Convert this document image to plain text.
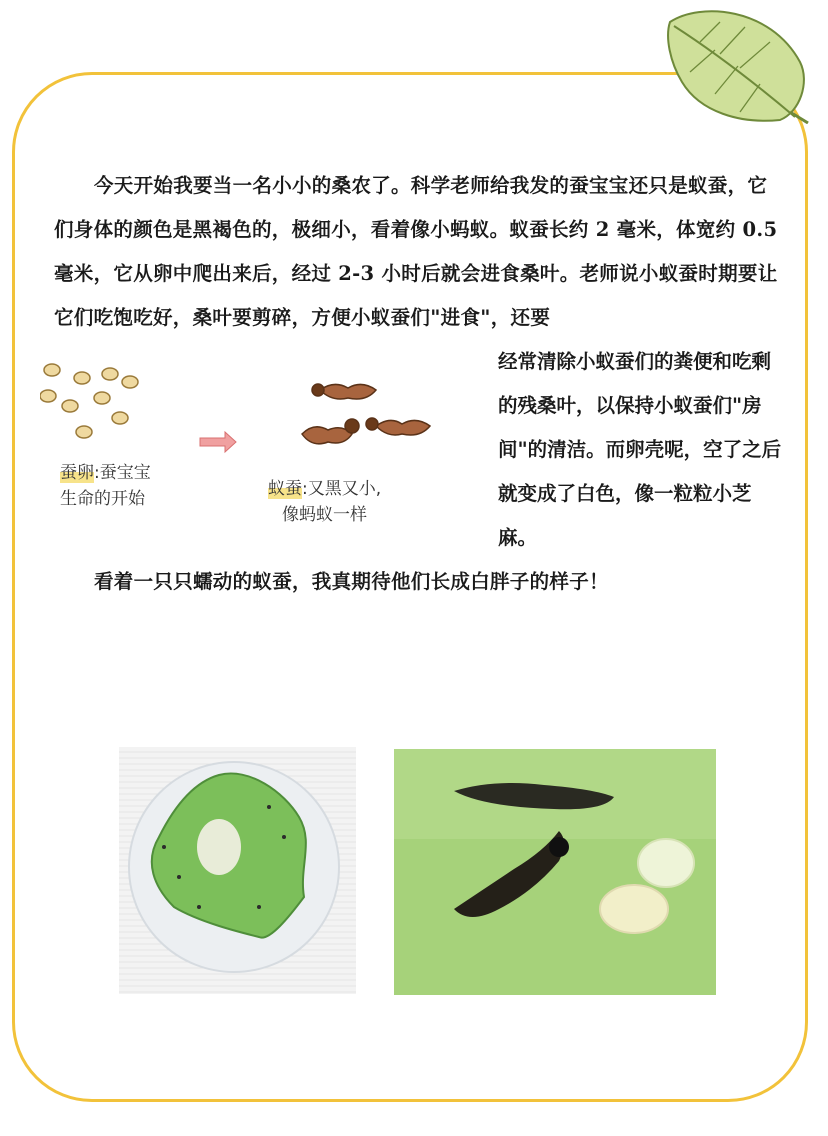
今天开始我要当一名小小的桑农了。科学老师给我发的蚕宝宝还只是蚁蚕，它们身体的颜色是黑褐色的，极细小，看着像小蚂蚁。蚁蚕长约 2 毫米，体宽约 0.5 毫米，它从卵中爬出来后，经过 2-3 小时后就会进食桑叶。老师说小蚁蚕时期要让它们吃饱吃好，桑叶要剪碎，方便小蚁蚕们"进食"，还要

经常清除小蚁蚕们的粪便和吃剩的残桑叶，以保持小蚁蚕们"房间"的清洁。而卵壳呢，空了之后就变成了白色，像一粒粒小芝麻。

蚕卵:蚕宝宝
生命的开始	蚁蚕:又黑又小,
像蚂蚁一样

看着一只只蠕动的蚁蚕，我真期待他们长成白胖子的样子！
